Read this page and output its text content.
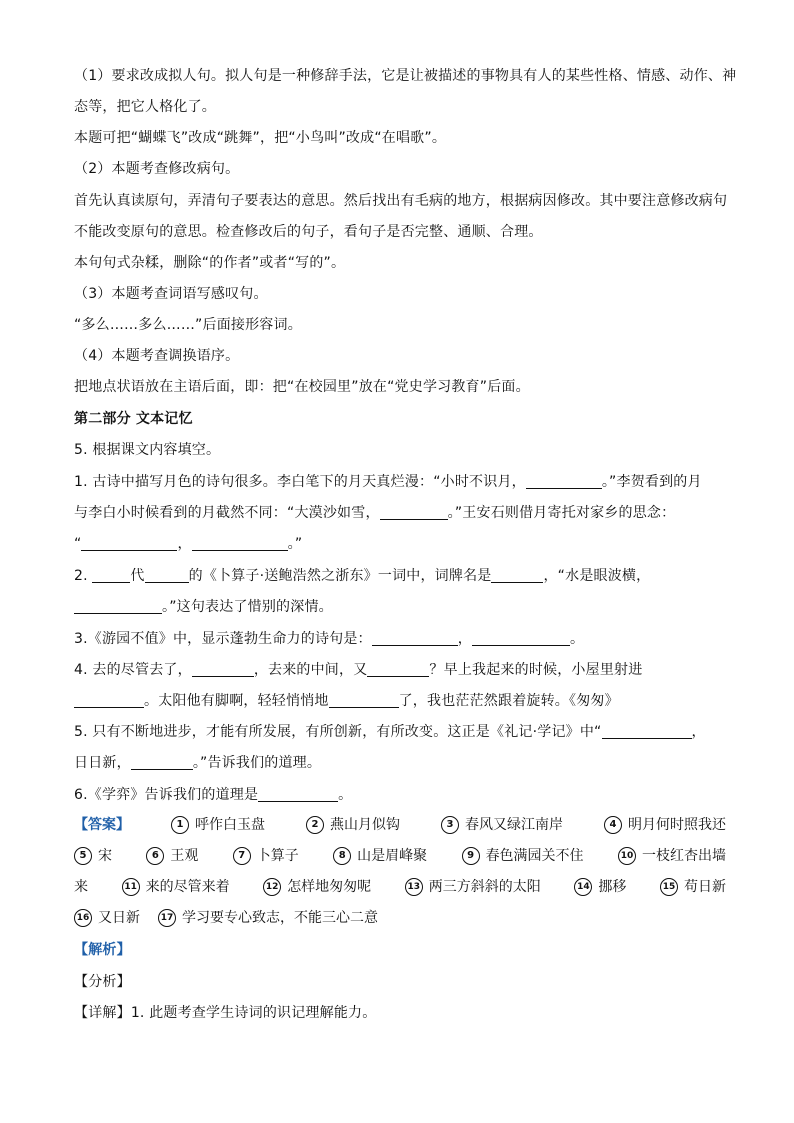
（1）要求改成拟人句。拟人句是一种修辞手法，它是让被描述的事物具有人的某些性格、情感、动作、神
态等，把它人格化了。
本题可把“蝴蝶飞”改成“跳舞”，把“小鸟叫”改成“在唱歌”。
（2）本题考查修改病句。
首先认真读原句，弄清句子要表达的意思。然后找出有毛病的地方，根据病因修改。其中要注意修改病句
不能改变原句的意思。检查修改后的句子，看句子是否完整、通顺、合理。
本句句式杂糅，删除“的作者”或者“写的”。
（3）本题考查词语写感叹句。
“多么……多么……”后面接形容词。
（4）本题考查调换语序。
把地点状语放在主语后面，即：把“在校园里”放在“党史学习教育”后面。
第二部分 文本记忆
5. 根据课文内容填空。
1. 古诗中描写月色的诗句很多。李白笔下的月天真烂漫：“小时不识月，	。”李贺看到的月
与李白小时候看到的月截然不同：“大漠沙如雪，	。”王安石则借月寄托对家乡的思念：
“	，	。”
2.	代	的《卜算子·送鲍浩然之浙东》一词中，词牌名是	，“水是眼波横，
。”这句表达了惜别的深情。
3.《游园不值》中，显示蓬勃生命力的诗句是：	，	。
4. 去的尽管去了，	，去来的中间，又	？早上我起来的时候，小屋里射进
。太阳他有脚啊，轻轻悄悄地	了，我也茫茫然跟着旋转。《匆匆》
5. 只有不断地进步，才能有所发展，有所创新，有所改变。这正是《礼记·学记》中“	，
日日新，	。”告诉我们的道理。
6.《学弈》告诉我们的道理是	。
【答案】	1 呼作白玉盘	2 燕山月似钩	3 春风又绿江南岸	4 明月何时照我还
5 宋	6 王观	7 卜算子	8 山是眉峰聚	9 春色满园关不住	10 一枝红杏出墙
来	11 来的尽管来着	12 怎样地匆匆呢	13 两三方斜斜的太阳	14 挪移	15 苟日新
16 又日新	17 学习要专心致志，不能三心二意
【解析】
【分析】
【详解】1. 此题考查学生诗词的识记理解能力。
